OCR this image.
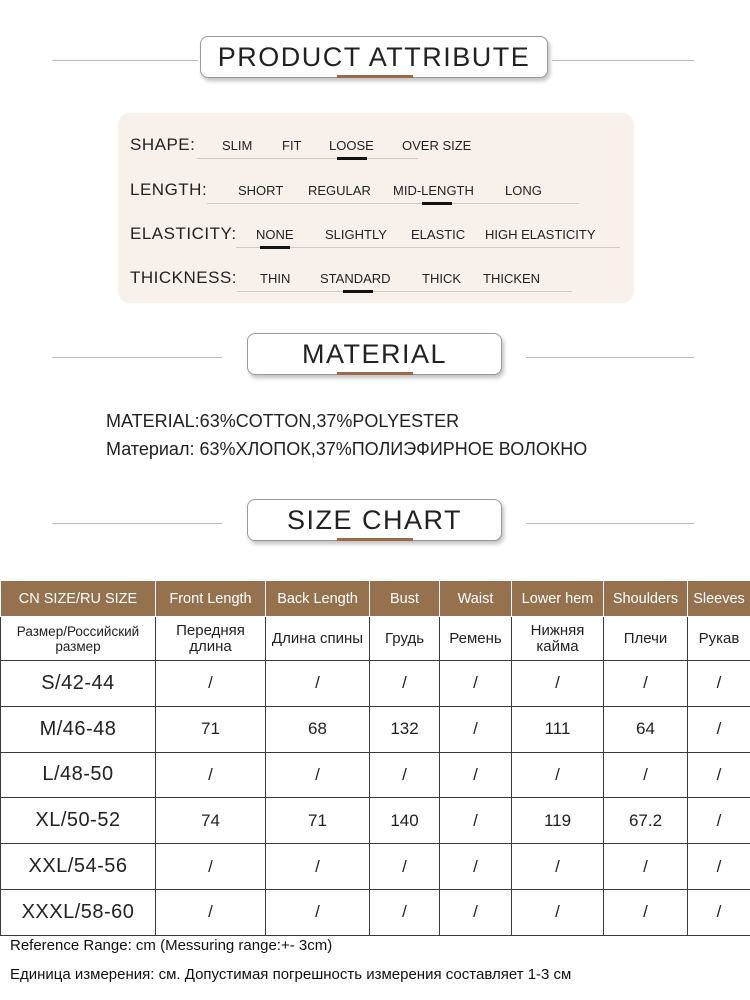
PRODUCT ATTRIBUTE
SHAPE: SLIM FIT LOOSE OVER SIZE
LENGTH: SHORT REGULAR MID-LENGTH LONG
ELASTICITY: NONE SLIGHTLY ELASTIC HIGH ELASTICITY
THICKNESS: THIN STANDARD THICK THICKEN
MATERIAL
MATERIAL:63%COTTON,37%POLYESTER
Материал: 63%ХЛОПОК,37%ПОЛИЭФИРНОЕ ВОЛОКНО
SIZE CHART
CN SIZE/RU SIZE	Front Length	Back Length	Bust	Waist	Lower hem	Shoulders	Sleeves
Размер/Российский размер	Передняя длина	Длина спины	Грудь	Ремень	Нижняя кайма	Плечи	Рукав
S/42-44	/	/	/	/	/	/	/
M/46-48	71	68	132	/	111	64	/
L/48-50	/	/	/	/	/	/	/
XL/50-52	74	71	140	/	119	67.2	/
XXL/54-56	/	/	/	/	/	/	/
XXXL/58-60	/	/	/	/	/	/	/
Reference Range: cm (Messuring range:+- 3cm)
Единица измерения: см. Допустимая погрешность измерения составляет 1-3 см
